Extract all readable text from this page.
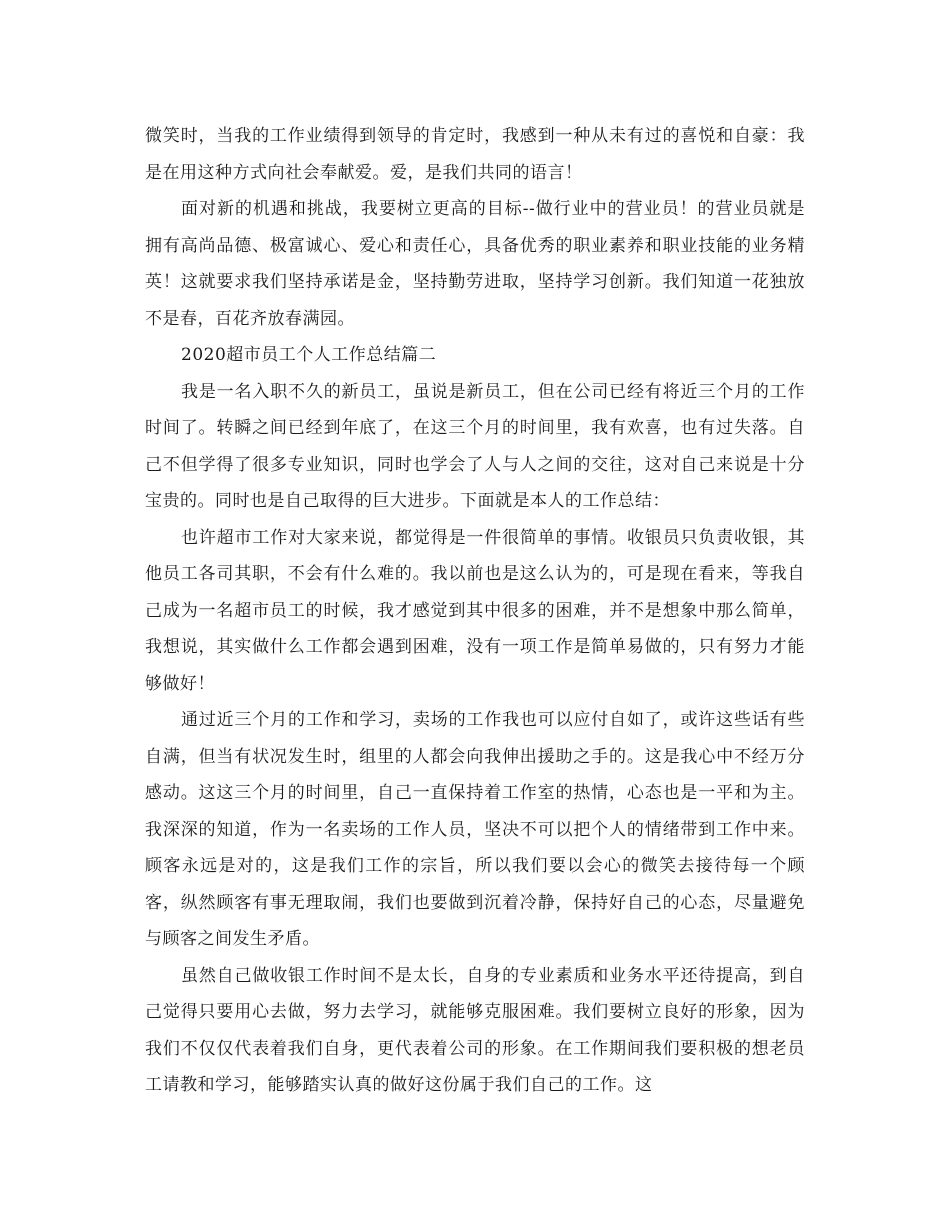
微笑时，当我的工作业绩得到领导的肯定时，我感到一种从未有过的喜悦和自豪：我是在用这种方式向社会奉献爱。爱，是我们共同的语言！

面对新的机遇和挑战，我要树立更高的目标--做行业中的营业员！的营业员就是拥有高尚品德、极富诚心、爱心和责任心，具备优秀的职业素养和职业技能的业务精英！这就要求我们坚持承诺是金，坚持勤劳进取，坚持学习创新。我们知道一花独放不是春，百花齐放春满园。

2020超市员工个人工作总结篇二

我是一名入职不久的新员工，虽说是新员工，但在公司已经有将近三个月的工作时间了。转瞬之间已经到年底了，在这三个月的时间里，我有欢喜，也有过失落。自己不但学得了很多专业知识，同时也学会了人与人之间的交往，这对自己来说是十分宝贵的。同时也是自己取得的巨大进步。下面就是本人的工作总结：

也许超市工作对大家来说，都觉得是一件很简单的事情。收银员只负责收银，其他员工各司其职，不会有什么难的。我以前也是这么认为的，可是现在看来，等我自己成为一名超市员工的时候，我才感觉到其中很多的困难，并不是想象中那么简单，我想说，其实做什么工作都会遇到困难，没有一项工作是简单易做的，只有努力才能够做好！

通过近三个月的工作和学习，卖场的工作我也可以应付自如了，或许这些话有些自满，但当有状况发生时，组里的人都会向我伸出援助之手的。这是我心中不经万分感动。这这三个月的时间里，自己一直保持着工作室的热情，心态也是一平和为主。我深深的知道，作为一名卖场的工作人员，坚决不可以把个人的情绪带到工作中来。顾客永远是对的，这是我们工作的宗旨，所以我们要以会心的微笑去接待每一个顾客，纵然顾客有事无理取闹，我们也要做到沉着冷静，保持好自己的心态，尽量避免与顾客之间发生矛盾。

虽然自己做收银工作时间不是太长，自身的专业素质和业务水平还待提高，到自己觉得只要用心去做，努力去学习，就能够克服困难。我们要树立良好的形象，因为我们不仅仅代表着我们自身，更代表着公司的形象。在工作期间我们要积极的想老员工请教和学习，能够踏实认真的做好这份属于我们自己的工作。这
